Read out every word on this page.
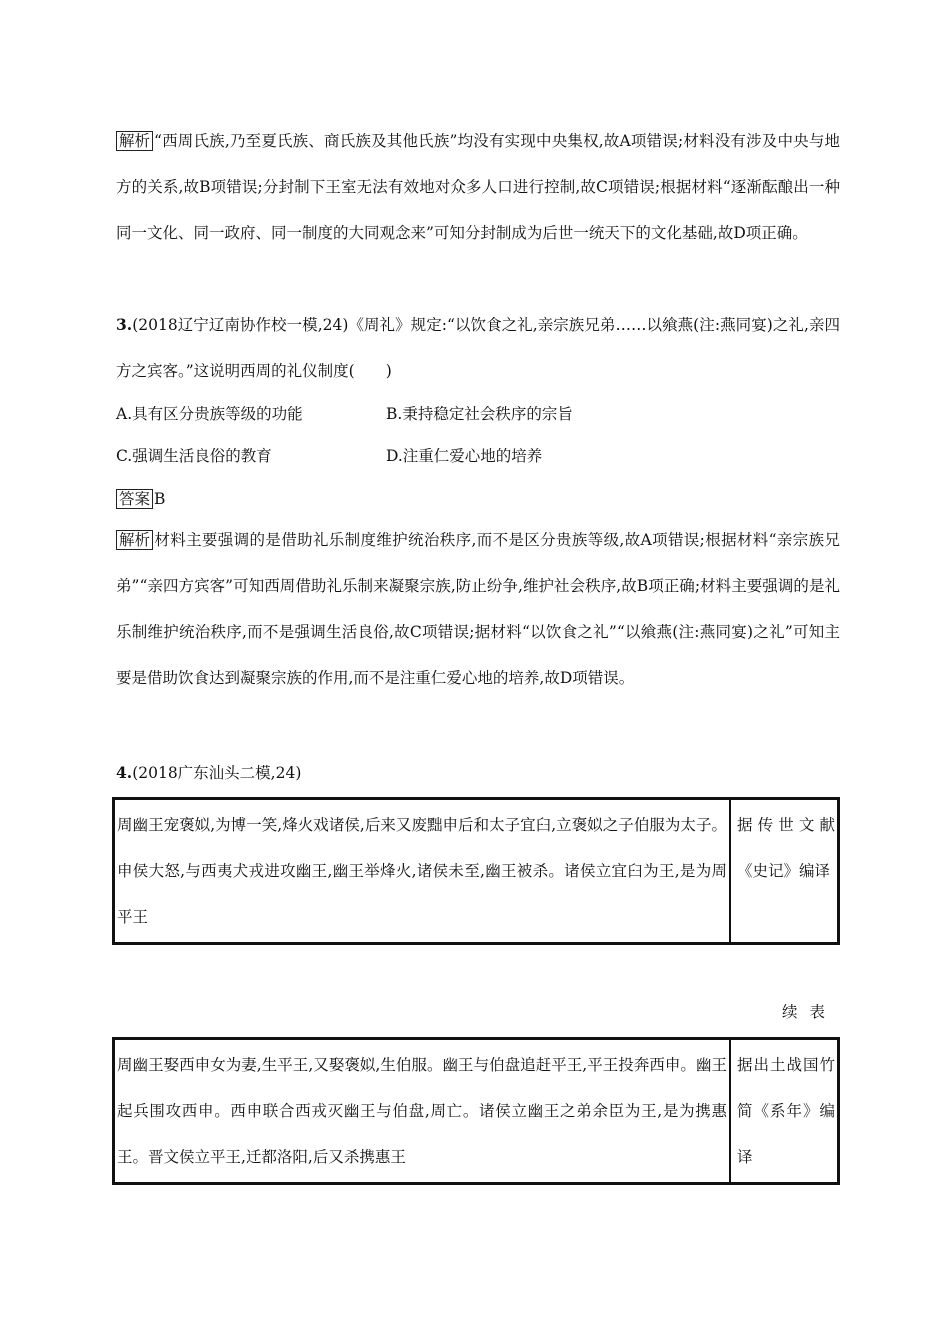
解析 “西周氏族,乃至夏氏族、商氏族及其他氏族”均没有实现中央集权,故A项错误;材料没有涉及中央与地方的关系,故B项错误;分封制下王室无法有效地对众多人口进行控制,故C项错误;根据材料“逐渐酝酿出一种同一文化、同一政府、同一制度的大同观念来”可知分封制成为后世一统天下的文化基础,故D项正确。

3.(2018辽宁辽南协作校一模,24)《周礼》规定:“以饮食之礼,亲宗族兄弟……以飨燕(注:燕同宴)之礼,亲四方之宾客。”这说明西周的礼仪制度(　　)

A.具有区分贵族等级的功能	B.秉持稳定社会秩序的宗旨
C.强调生活良俗的教育	D.注重仁爱心地的培养
答案 B

解析 材料主要强调的是借助礼乐制度维护统治秩序,而不是区分贵族等级,故A项错误;根据材料“亲宗族兄弟”“亲四方宾客”可知西周借助礼乐制来凝聚宗族,防止纷争,维护社会秩序,故B项正确;材料主要强调的是礼乐制维护统治秩序,而不是强调生活良俗,故C项错误;据材料“以饮食之礼”“以飨燕(注:燕同宴)之礼”可知主要是借助饮食达到凝聚宗族的作用,而不是注重仁爱心地的培养,故D项错误。

4.(2018广东汕头二模,24)
周幽王宠褒姒,为博一笑,烽火戏诸侯,后来又废黜申后和太子宜臼,立褒姒之子伯服为太子。申侯大怒,与西夷犬戎进攻幽王,幽王举烽火,诸侯未至,幽王被杀。诸侯立宜臼为王,是为周平王	据传世文献《史记》编译
续表
周幽王娶西申女为妻,生平王,又娶褒姒,生伯服。幽王与伯盘追赶平王,平王投奔西申。幽王起兵围攻西申。西申联合西戎灭幽王与伯盘,周亡。诸侯立幽王之弟余臣为王,是为携惠王。晋文侯立平王,迁都洛阳,后又杀携惠王	据出土战国竹简《系年》编译
